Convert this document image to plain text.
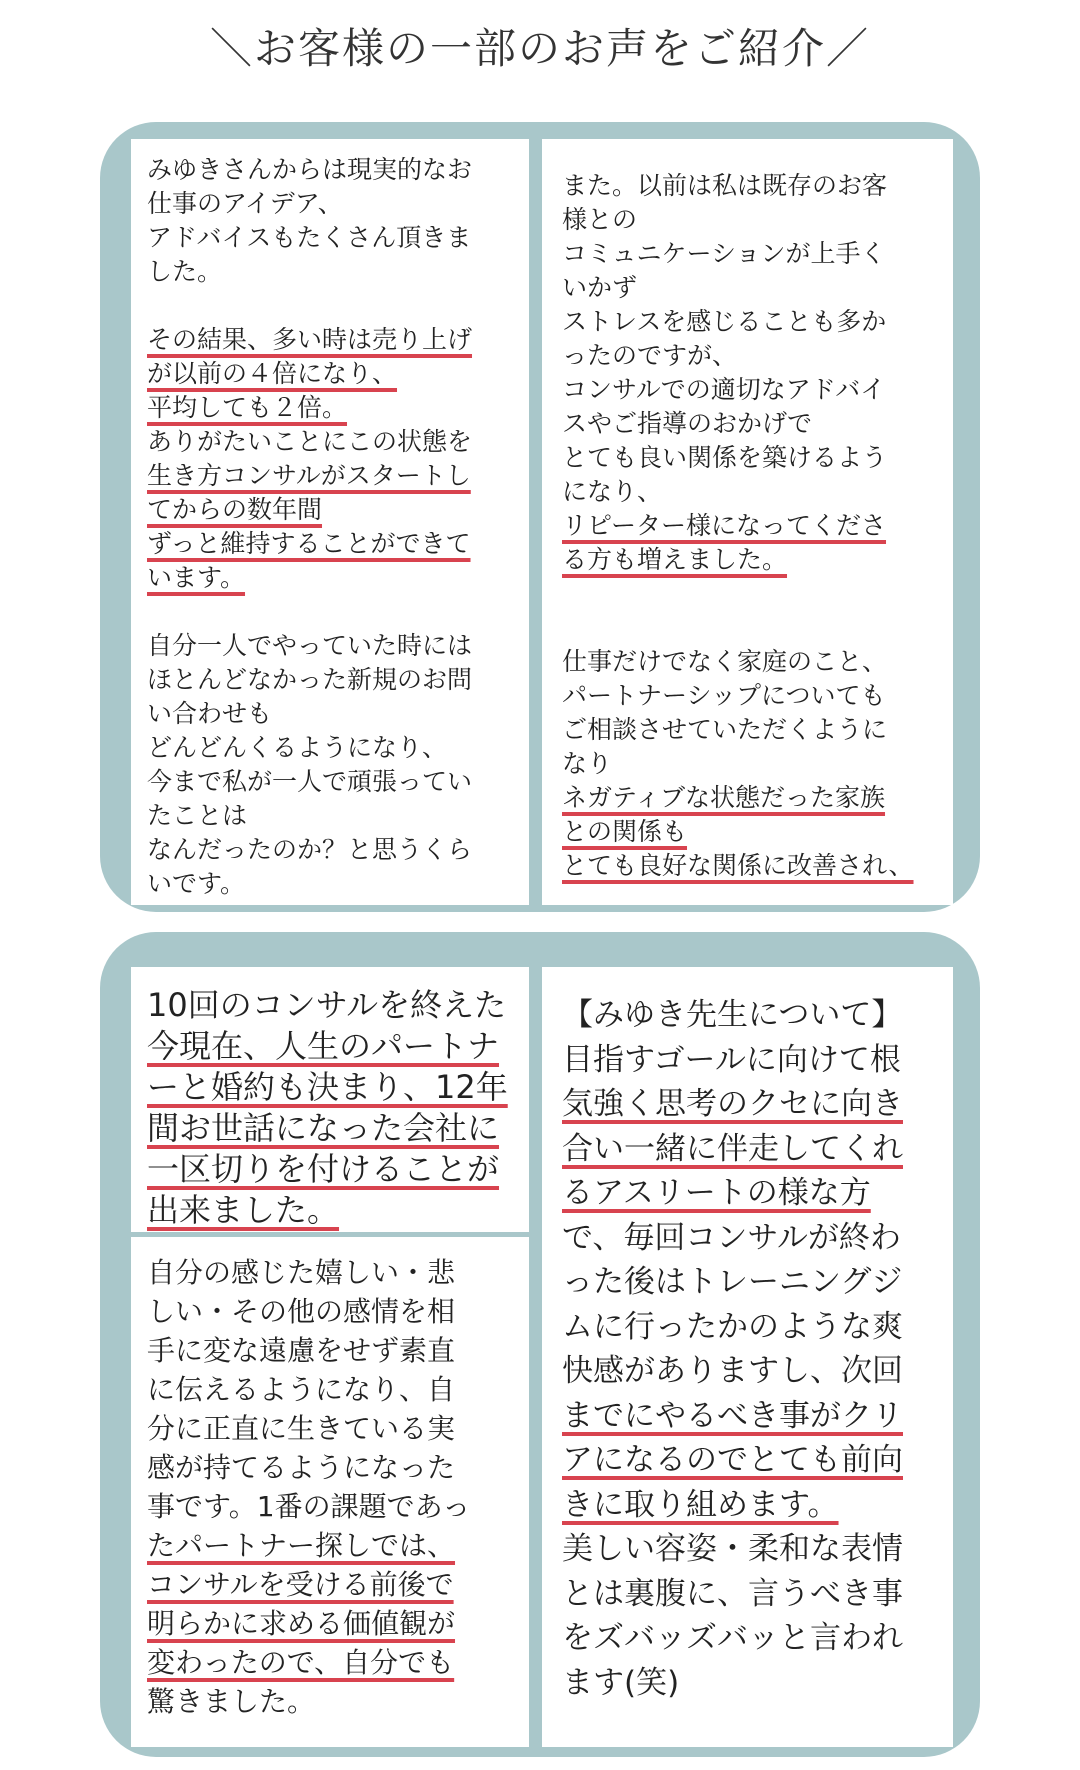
＼お客様の一部のお声をご紹介／
みゆきさんからは現実的なお
仕事のアイデア、
アドバイスもたくさん頂きま
した。
その結果、多い時は売り上げ
が以前の４倍になり、
平均しても２倍。
ありがたいことにこの状態を
生き方コンサルがスタートし
てからの数年間
ずっと維持することができて
います。
自分一人でやっていた時には
ほとんどなかった新規のお問
い合わせも
どんどんくるようになり、
今まで私が一人で頑張ってい
たことは
なんだったのか？と思うくら
いです。
また。以前は私は既存のお客
様との
コミュニケーションが上手く
いかず
ストレスを感じることも多か
ったのですが、
コンサルでの適切なアドバイ
スやご指導のおかげで
とても良い関係を築けるよう
になり、
リピーター様になってくださ
る方も増えました。
仕事だけでなく家庭のこと、
パートナーシップについても
ご相談させていただくように
なり
ネガティブな状態だった家族
との関係も
とても良好な関係に改善され、
10回のコンサルを終えた
今現在、人生のパートナ
ーと婚約も決まり、12年
間お世話になった会社に
一区切りを付けることが
出来ました。
自分の感じた嬉しい・悲
しい・その他の感情を相
手に変な遠慮をせず素直
に伝えるようになり、自
分に正直に生きている実
感が持てるようになった
事です。1番の課題であっ
たパートナー探しでは、
コンサルを受ける前後で
明らかに求める価値観が
変わったので、自分でも
驚きました。
【みゆき先生について】
目指すゴールに向けて根
気強く思考のクセに向き
合い一緒に伴走してくれ
るアスリートの様な方
で、毎回コンサルが終わ
った後はトレーニングジ
ムに行ったかのような爽
快感がありますし、次回
までにやるべき事がクリ
アになるのでとても前向
きに取り組めます。
美しい容姿・柔和な表情
とは裏腹に、言うべき事
をズバッズバッと言われ
ます(笑)
